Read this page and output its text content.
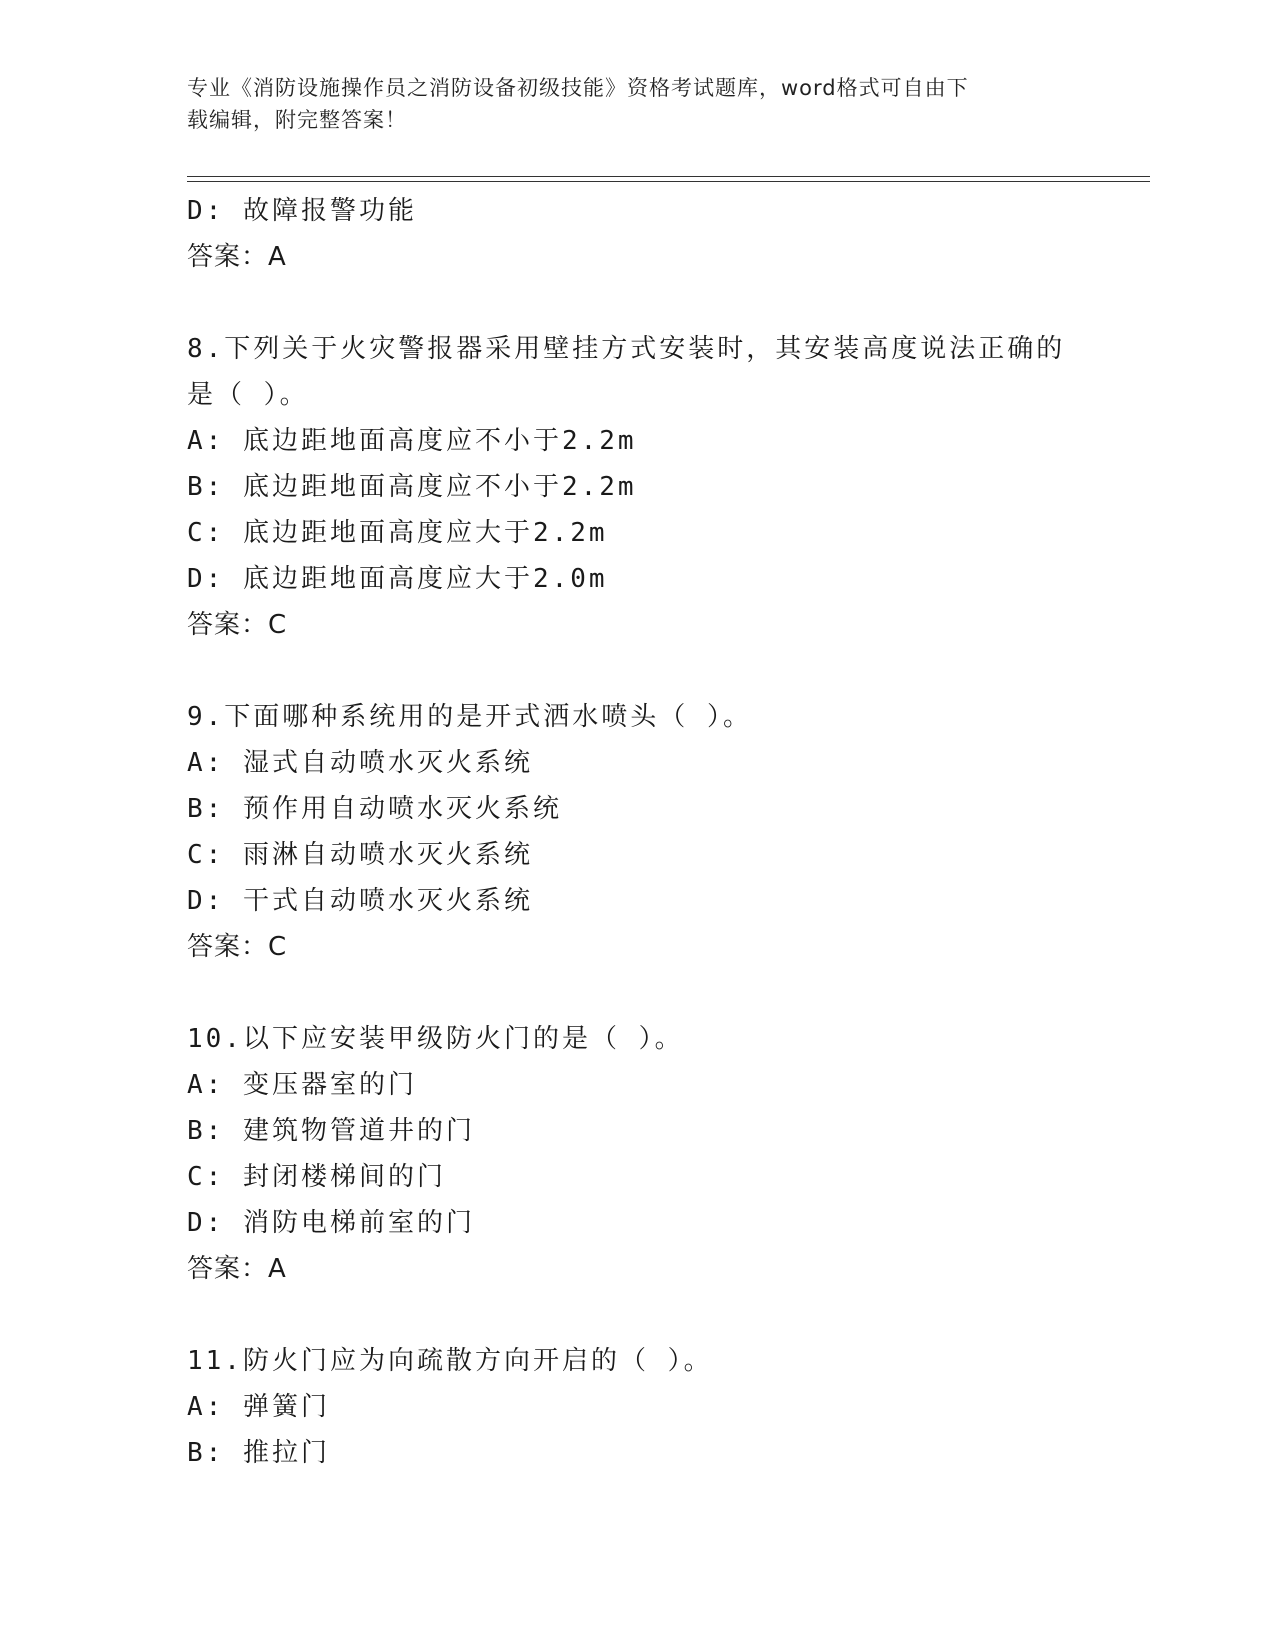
专业《消防设施操作员之消防设备初级技能》资格考试题库，word格式可自由下
载编辑，附完整答案！
D: 故障报警功能
答案：A
8.下列关于火灾警报器采用壁挂方式安装时，其安装高度说法正确的
是（ ）。
A: 底边距地面高度应不小于2.2m
B: 底边距地面高度应不小于2.2m
C: 底边距地面高度应大于2.2m
D: 底边距地面高度应大于2.0m
答案：C
9.下面哪种系统用的是开式洒水喷头（ ）。
A: 湿式自动喷水灭火系统
B: 预作用自动喷水灭火系统
C: 雨淋自动喷水灭火系统
D: 干式自动喷水灭火系统
答案：C
10.以下应安装甲级防火门的是（ ）。
A: 变压器室的门
B: 建筑物管道井的门
C: 封闭楼梯间的门
D: 消防电梯前室的门
答案：A
11.防火门应为向疏散方向开启的（ ）。
A: 弹簧门
B: 推拉门
